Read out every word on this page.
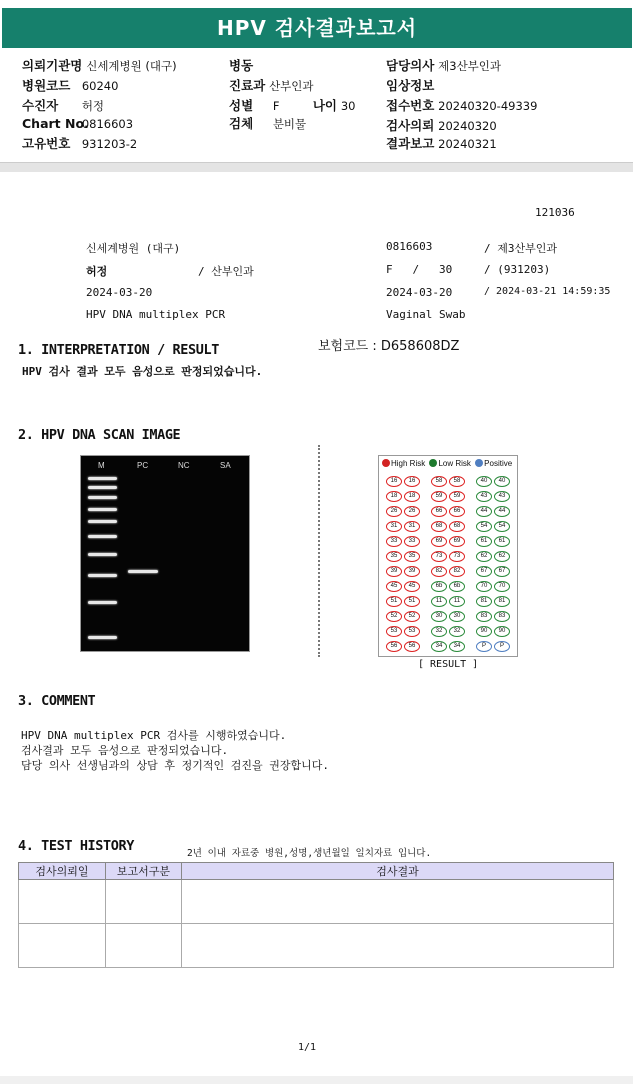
HPV 검사결과보고서
의뢰기관명 신세계병원 (대구)	병동	담당의사 제3산부인과
병원코드 60240	진료과 산부인과	임상정보
수진자 허정	성별 F	나이 30 접수번호 20240320-49339
Chart No. 0816603	검체 분비물	검사의뢰 20240320
고유번호 931203-2	결과보고 20240321
121036
신세계병원 (대구)	0816603	/ 제3산부인과
허정	/ 산부인과	F   /   30	/ (931203)
2024-03-20	2024-03-20	/ 2024-03-21 14:59:35
HPV DNA multiplex PCR	Vaginal Swab
보험코드 : D658608DZ
1. INTERPRETATION / RESULT
HPV 검사 결과 모두 음성으로 판정되었습니다.
2. HPV DNA SCAN IMAGE
M	PC	NC	SA	High Risk Low Risk Positive
16	16
18	18
26	26
31	31
33	33
35	35
39	39
45	45
51	51
52	52
53	53
56	56
58	58
59	59
66	66
68	68
69	69
73	73
82	82
6b	6b
11	11
30	30
32	32
34	34
40	40
43	43
44	44
54	54
61	61
62	62
67	67
70	70
81	81
83	83
90	90
P	P
[ RESULT ]
3. COMMENT
HPV DNA multiplex PCR 검사를 시행하였습니다.
검사결과 모두 음성으로 판정되었습니다.
담당 의사 선생님과의 상담 후 정기적인 검진을 권장합니다.
4. TEST HISTORY	2년 이내 자료중 병원,성명,생년월일 일치자료 입니다.
검사의뢰일	보고서구분	검사결과

1/1
